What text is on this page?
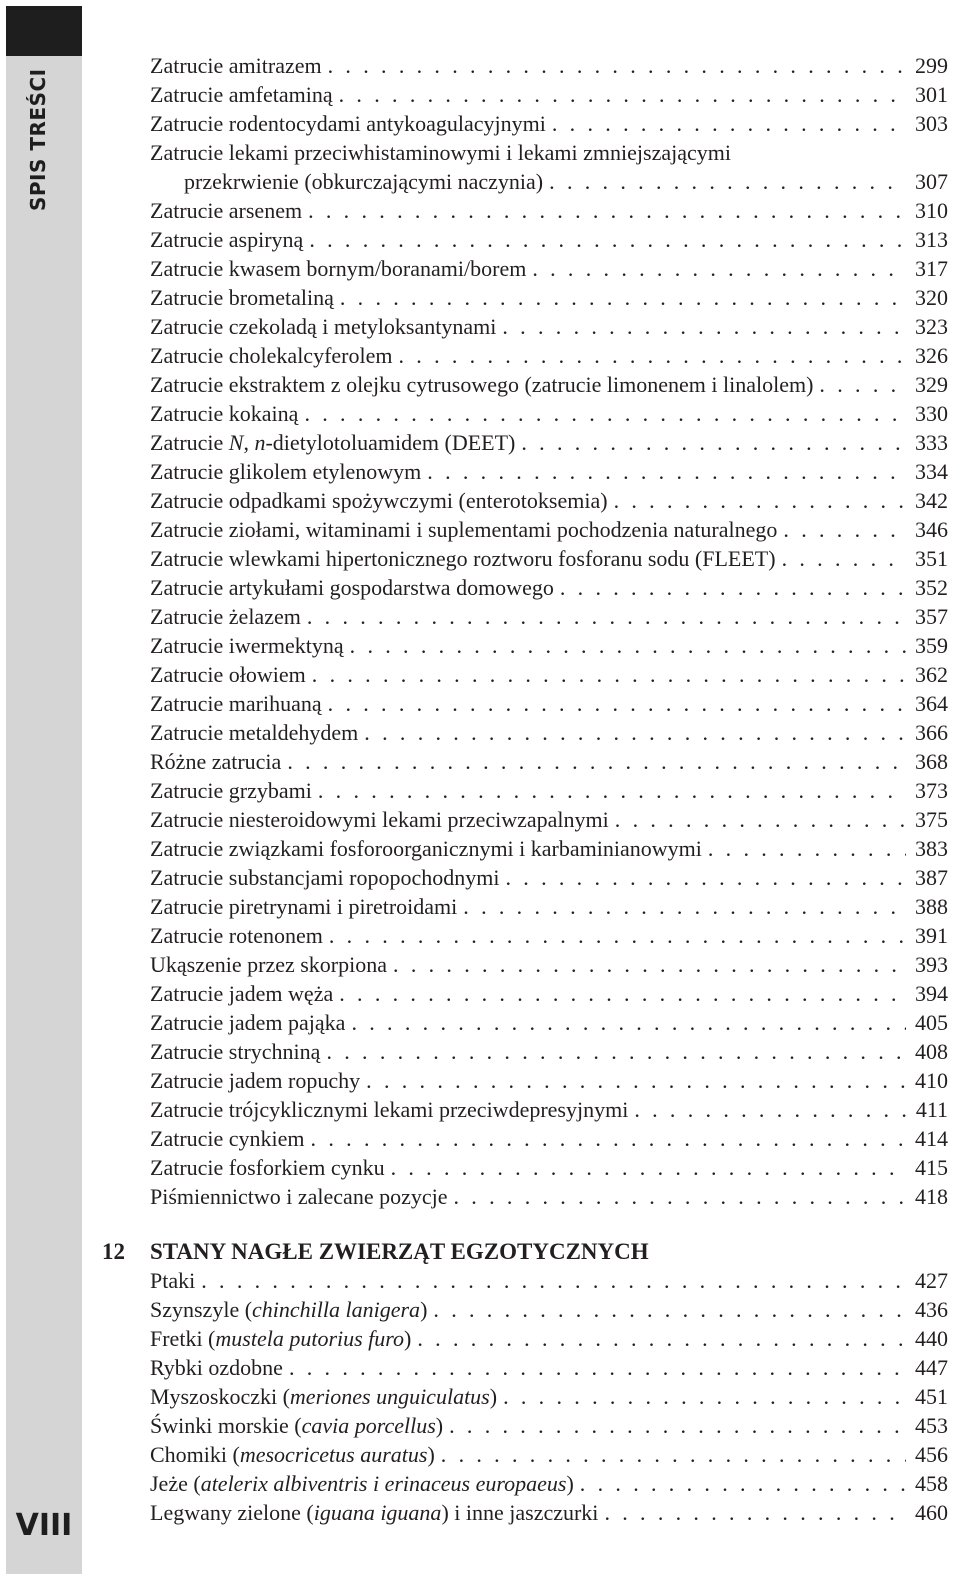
SPIS TREŚCI
VIII
Zatrucie amitrazem . . .	299
Zatrucie amfetaminą . . .	301
Zatrucie rodentocydami antykoagulacyjnymi . . .	303
Zatrucie lekami przeciwhistaminowymi i lekami zmniejszającymi
przekrwienie (obkurczającymi naczynia) . . .	307
Zatrucie arsenem . . .	310
Zatrucie aspiryną . . .	313
Zatrucie kwasem bornym/boranami/borem . . .	317
Zatrucie brometaliną . . .	320
Zatrucie czekoladą i metyloksantynami . . .	323
Zatrucie cholekalcyferolem . . .	326
Zatrucie ekstraktem z olejku cytrusowego (zatrucie limonenem i linalolem) . . .	329
Zatrucie kokainą . . .	330
Zatrucie N, n-dietylotoluamidem (DEET) . . .	333
Zatrucie glikolem etylenowym . . .	334
Zatrucie odpadkami spożywczymi (enterotoksemia) . . .	342
Zatrucie ziołami, witaminami i suplementami pochodzenia naturalnego . . .	346
Zatrucie wlewkami hipertonicznego roztworu fosforanu sodu (FLEET) . . .	351
Zatrucie artykułami gospodarstwa domowego . . .	352
Zatrucie żelazem . . .	357
Zatrucie iwermektyną . . .	359
Zatrucie ołowiem . . .	362
Zatrucie marihuaną . . .	364
Zatrucie metaldehydem . . .	366
Różne zatrucia . . .	368
Zatrucie grzybami . . .	373
Zatrucie niesteroidowymi lekami przeciwzapalnymi . . .	375
Zatrucie związkami fosforoorganicznymi i karbaminianowymi . . .	383
Zatrucie substancjami ropopochodnymi . . .	387
Zatrucie piretrynami i piretroidami . . .	388
Zatrucie rotenonem . . .	391
Ukąszenie przez skorpiona . . .	393
Zatrucie jadem węża . . .	394
Zatrucie jadem pająka . . .	405
Zatrucie strychniną . . .	408
Zatrucie jadem ropuchy . . .	410
Zatrucie trójcyklicznymi lekami przeciwdepresyjnymi . . .	411
Zatrucie cynkiem . . .	414
Zatrucie fosforkiem cynku . . .	415
Piśmiennictwo i zalecane pozycje . . .	418
12 STANY NAGŁE ZWIERZĄT EGZOTYCZNYCH
Ptaki . . .	427
Szynszyle (chinchilla lanigera) . . .	436
Fretki (mustela putorius furo) . . .	440
Rybki ozdobne . . .	447
Myszoskoczki (meriones unguiculatus) . . .	451
Świnki morskie (cavia porcellus) . . .	453
Chomiki (mesocricetus auratus) . . .	456
Jeże (atelerix albiventris i erinaceus europaeus) . . .	458
Legwany zielone (iguana iguana) i inne jaszczurki . . .	460
